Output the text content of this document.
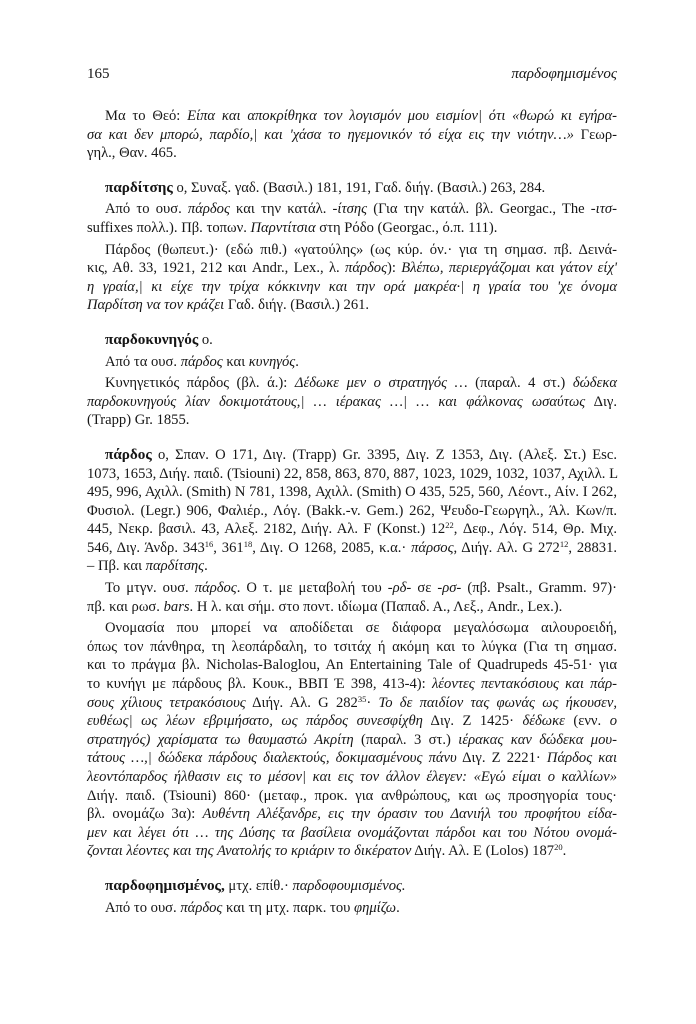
165	παρδοφημισμένος
Μα το Θεό: Είπα και αποκρίθηκα τον λογισμόν μου εισμίον| ότι «θωρώ κι εγήρα-
σα και δεν μπορώ, παρδίο,| και 'χάσα το ηγεμονικόν τό είχα εις την νιότην…» Γεωρ-
γηλ., Θαν. 465.
παρδίτσης ο, Συναξ. γαδ. (Βασιλ.) 181, 191, Γαδ. διήγ. (Βασιλ.) 263, 284.
Από το ουσ. πάρδος και την κατάλ. -ίτσης (Για την κατάλ. βλ. Georgac., The -ιτσ-
suffixes πολλ.). Πβ. τοπων. Παρντίτσια στη Ρόδο (Georgac., ό.π. 111).
Πάρδος (θωπευτ.)· (εδώ πιθ.) «γατούλης» (ως κύρ. όν.· για τη σημασ. πβ. Δεινά-
κις, Αθ. 33, 1921, 212 και Andr., Lex., λ. πάρδος): Βλέπω, περιεργάζομαι και γάτον είχ'
η γραία,| κι είχε την τρίχα κόκκινην και την ορά μακρέα·| η γραία του 'χε όνομα
Παρδίτση να τον κράζει Γαδ. διήγ. (Βασιλ.) 261.
παρδοκυνηγός ο.
Από τα ουσ. πάρδος και κυνηγός.
Κυνηγετικός πάρδος (βλ. ά.): Δέδωκε μεν ο στρατηγός … (παραλ. 4 στ.) δώδεκα
παρδοκυνηγούς λίαν δοκιμοτάτους,| … ιέρακας …| … και φάλκονας ωσαύτως Διγ.
(Trapp) Gr. 1855.
πάρδος ο, Σπαν. Ο 171, Διγ. (Trapp) Gr. 3395, Διγ. Ζ 1353, Διγ. (Αλεξ. Στ.) Esc.
1073, 1653, Διήγ. παιδ. (Tsiouni) 22, 858, 863, 870, 887, 1023, 1029, 1032, 1037, Αχιλλ. L
495, 996, Αχιλλ. (Smith) N 781, 1398, Αχιλλ. (Smith) O 435, 525, 560, Λέοντ., Αίν. I 262,
Φυσιολ. (Legr.) 906, Φαλιέρ., Λόγ. (Bakk.-v. Gem.) 262, Ψευδο-Γεωργηλ., Άλ. Κων/π.
445, Νεκρ. βασιλ. 43, Αλεξ. 2182, Διήγ. Αλ. F (Konst.) $12^{22}$, Δεφ., Λόγ. 514, Θρ. Μιχ.
546, Διγ. Άνδρ. $343^{16}$, $361^{18}$, Διγ. Ο 1268, 2085, κ.α.· πάρσος, Διήγ. Αλ. G $272^{12}$, 28831.
– Πβ. και παρδίτσης.
Το μτγν. ουσ. πάρδος. Ο τ. με μεταβολή του -ρδ- σε -ρσ- (πβ. Psalt., Gramm. 97)·
πβ. και ρωσ. bars. Η λ. και σήμ. στο ποντ. ιδίωμα (Παπαδ. Α., Λεξ., Andr., Lex.).
Ονομασία που μπορεί να αποδίδεται σε διάφορα μεγαλόσωμα αιλουροειδή,
όπως τον πάνθηρα, τη λεοπάρδαλη, το τσιτάχ ή ακόμη και το λύγκα (Για τη σημασ.
και το πράγμα βλ. Nicholas-Baloglou, An Entertaining Tale of Quadrupeds 45-51· για
το κυνήγι με πάρδους βλ. Κουκ., ΒΒΠ Έ 398, 413-4): λέοντες πεντακόσιους και πάρ-
σους χίλιους τετρακόσιους Διήγ. Αλ. G $282^{35}\cdot To$ δε παιδίον τας φωνάς ως ήκουσεν,
ευθέως| ως λέων εβριμήσατο, ως πάρδος συνεσφίχθη Διγ. Ζ 1425· δέδωκε (ενν. ο
στρατηγός) χαρίσματα τω θαυμαστώ Ακρίτη (παραλ. 3 στ.) ιέρακας καν δώδεκα μου-
τάτους …,| δώδεκα πάρδους διαλεκτούς, δοκιμασμένους πάνυ Διγ. Ζ 2221· Πάρδος και
λεοντόπαρδος ήλθασιν εις το μέσον| και εις τον άλλον έλεγεν: «Εγώ είμαι ο καλλίων»
Διήγ. παιδ. (Tsiouni) 860· (μεταφ., προκ. για ανθρώπους, και ως προσηγορία τους·
βλ. ονομάζω 3α): Αυθέντη Αλέξανδρε, εις την όρασιν του Δανιήλ του προφήτου είδα-
μεν και λέγει ότι … της Δύσης τα βασίλεια ονομάζονται πάρδοι και του Νότου ονομά-
ζονται λέοντες και της Ανατολής το κριάριν το δικέρατον Διήγ. Αλ. Ε (Lolos) $187^{20}$.
παρδοφημισμένος, μτχ. επίθ.· παρδοφουμισμένος.
Από το ουσ. πάρδος και τη μτχ. παρκ. του φημίζω.
